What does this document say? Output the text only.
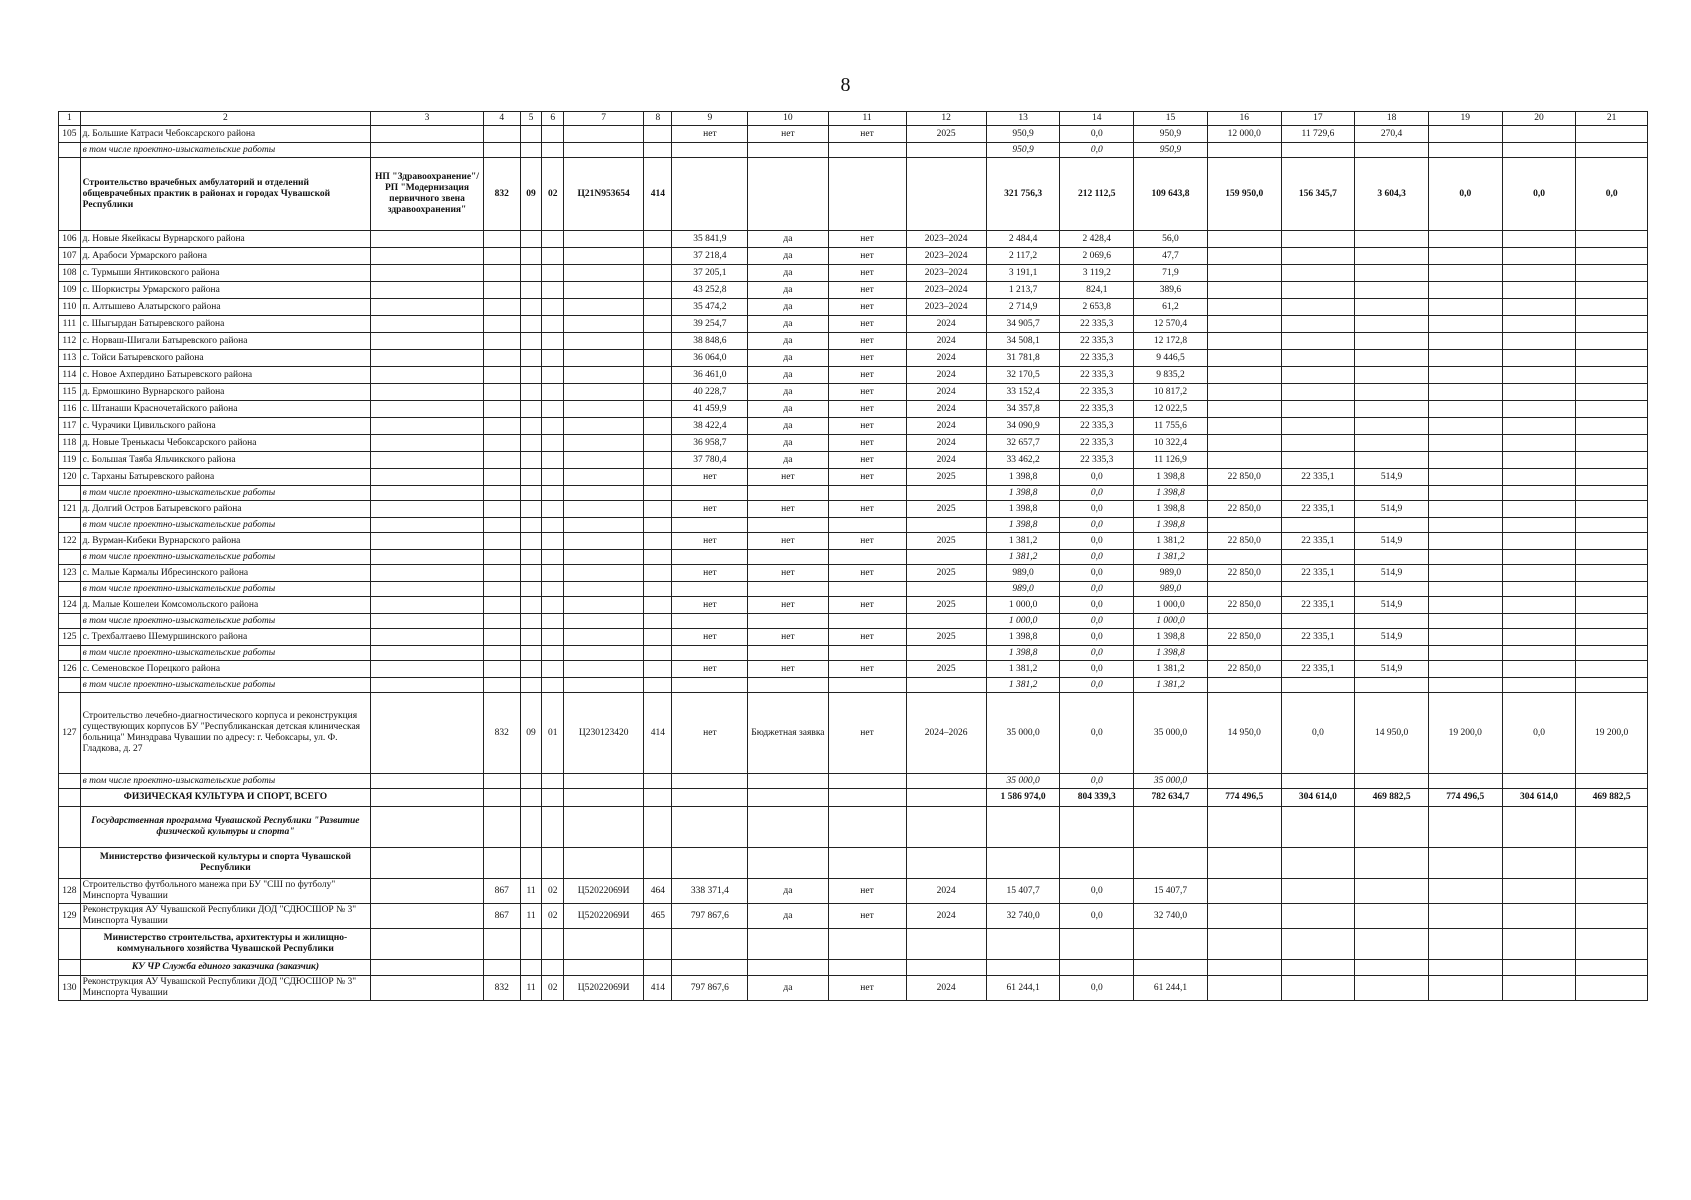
8
1	2	3	4	5	6	7	8	9	10	11	12	13	14	15	16	17	18	19	20	21
105	д. Большие Катраси Чебоксарского района							нет	нет	нет	2025	950,9	0,0	950,9	12 000,0	11 729,6	270,4			
	в том числе проектно-изыскательские работы											950,9	0,0	950,9						
	Строительство врачебных амбулаторий и отделений общеврачебных практик в районах и городах Чувашской Республики	НП "Здравоохранение"/ РП "Модернизация первичного звена здравоохранения"	832	09	02	Ц21N953654	414					321 756,3	212 112,5	109 643,8	159 950,0	156 345,7	3 604,3	0,0	0,0	0,0
106	д. Новые Якейкасы Вурнарского района							35 841,9	да	нет	2023–2024	2 484,4	2 428,4	56,0						
107	д. Арабоси Урмарского района							37 218,4	да	нет	2023–2024	2 117,2	2 069,6	47,7						
108	с. Турмыши Янтиковского района							37 205,1	да	нет	2023–2024	3 191,1	3 119,2	71,9						
109	с. Шоркистры Урмарского района							43 252,8	да	нет	2023–2024	1 213,7	824,1	389,6						
110	п. Алтышево Алатырского района							35 474,2	да	нет	2023–2024	2 714,9	2 653,8	61,2						
111	с. Шыгырдан Батыревского района							39 254,7	да	нет	2024	34 905,7	22 335,3	12 570,4						
112	с. Норваш-Шигали Батыревского района							38 848,6	да	нет	2024	34 508,1	22 335,3	12 172,8						
113	с. Тойси Батыревского района							36 064,0	да	нет	2024	31 781,8	22 335,3	9 446,5						
114	с. Новое Ахпердино Батыревского района							36 461,0	да	нет	2024	32 170,5	22 335,3	9 835,2						
115	д. Ермошкино Вурнарского района							40 228,7	да	нет	2024	33 152,4	22 335,3	10 817,2						
116	с. Штанаши Красночетайского района							41 459,9	да	нет	2024	34 357,8	22 335,3	12 022,5						
117	с. Чурачики Цивильского района							38 422,4	да	нет	2024	34 090,9	22 335,3	11 755,6						
118	д. Новые Тренькасы Чебоксарского района							36 958,7	да	нет	2024	32 657,7	22 335,3	10 322,4						
119	с. Большая Таяба Яльчикского района							37 780,4	да	нет	2024	33 462,2	22 335,3	11 126,9						
120	с. Тарханы Батыревского района							нет	нет	нет	2025	1 398,8	0,0	1 398,8	22 850,0	22 335,1	514,9			
	в том числе проектно-изыскательские работы											1 398,8	0,0	1 398,8						
121	д. Долгий Остров Батыревского района							нет	нет	нет	2025	1 398,8	0,0	1 398,8	22 850,0	22 335,1	514,9			
	в том числе проектно-изыскательские работы											1 398,8	0,0	1 398,8						
122	д. Вурман-Кибеки Вурнарского района							нет	нет	нет	2025	1 381,2	0,0	1 381,2	22 850,0	22 335,1	514,9			
	в том числе проектно-изыскательские работы											1 381,2	0,0	1 381,2						
123	с. Малые Кармалы Ибресинского района							нет	нет	нет	2025	989,0	0,0	989,0	22 850,0	22 335,1	514,9			
	в том числе проектно-изыскательские работы											989,0	0,0	989,0						
124	д. Малые Кошелеи Комсомольского района							нет	нет	нет	2025	1 000,0	0,0	1 000,0	22 850,0	22 335,1	514,9			
	в том числе проектно-изыскательские работы											1 000,0	0,0	1 000,0						
125	с. Трехбалтаево Шемуршинского района							нет	нет	нет	2025	1 398,8	0,0	1 398,8	22 850,0	22 335,1	514,9			
	в том числе проектно-изыскательские работы											1 398,8	0,0	1 398,8						
126	с. Семеновское Порецкого района							нет	нет	нет	2025	1 381,2	0,0	1 381,2	22 850,0	22 335,1	514,9			
	в том числе проектно-изыскательские работы											1 381,2	0,0	1 381,2						
127	Строительство лечебно-диагностического корпуса и реконструкция существующих корпусов БУ "Республиканская детская клиническая больница" Минздрава Чувашии по адресу: г. Чебоксары, ул. Ф. Гладкова, д. 27		832	09	01	Ц230123420	414	нет	Бюджетная заявка	нет	2024–2026	35 000,0	0,0	35 000,0	14 950,0	0,0	14 950,0	19 200,0	0,0	19 200,0
	в том числе проектно-изыскательские работы											35 000,0	0,0	35 000,0						
	ФИЗИЧЕСКАЯ КУЛЬТУРА И СПОРТ, ВСЕГО											1 586 974,0	804 339,3	782 634,7	774 496,5	304 614,0	469 882,5	774 496,5	304 614,0	469 882,5
	Государственная программа Чувашской Республики "Развитие физической культуры и спорта"																			
	Министерство физической культуры и спорта Чувашской Республики																			
128	Строительство футбольного манежа при БУ "СШ по футболу" Минспорта Чувашии		867	11	02	Ц52022069И	464	338 371,4	да	нет	2024	15 407,7	0,0	15 407,7						
129	Реконструкция АУ Чувашской Республики ДОД "СДЮСШОР № 3" Минспорта Чувашии		867	11	02	Ц52022069И	465	797 867,6	да	нет	2024	32 740,0	0,0	32 740,0						
	Министерство строительства, архитектуры и жилищно-коммунального хозяйства Чувашской Республики																			
	КУ ЧР Служба единого заказчика (заказчик)																			
130	Реконструкция АУ Чувашской Республики ДОД "СДЮСШОР № 3" Минспорта Чувашии		832	11	02	Ц52022069И	414	797 867,6	да	нет	2024	61 244,1	0,0	61 244,1						
